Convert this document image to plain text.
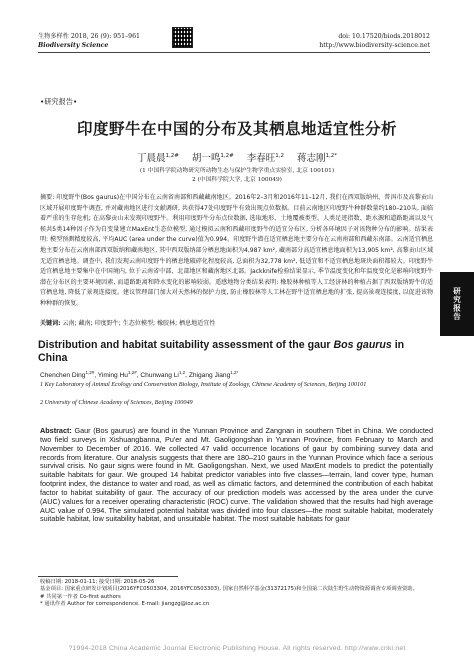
生物多样性 2018, 26 (9): 951–961
Biodiversity Science
doi: 10.17520/biods.2018012
http://www.biodiversity-science.net
•研究报告•
印度野牛在中国的分布及其栖息地适宜性分析
丁晨晨$^{1,2\#}$ 胡一鸣$^{1,2\#}$ 李春旺$^{1,2}$ 蒋志刚$^{1,2*}$
(1 中国科学院动物研究所动物生态与保护生物学重点实验室, 北京 100101)
2 (中国科学院大学, 北京 100049)
摘要: 印度野牛(Bos gaurus)在中国分布在云南省南部和西藏藏南地区。2016年2–3月和2016年11–12月, 我们在西双版纳州、普洱市及高黎贡山区域开展印度野牛调查, 并对藏南地区进行文献调研, 共获得47处印度野牛有效出现点位数据。目前云南地区印度野牛种群数量约180–210头, 面临着严重的生存危机; 在高黎贡山未发现印度野牛。利用印度野牛分布点位数据, 选取地形、土地覆被类型、人类足迹指数、距水源和道路距离以及气候共5类14种因子作为自变量建立MaxEnt生态位模型, 通过模拟云南和西藏印度野牛的适宜分布区, 分析各环境因子对该物种分布的影响。结果表明: 模型预测精度较高, 平均AUC (area under the curve)值为0.994。印度野牛潜在适宜栖息地主要分布在云南南部和西藏东南部。云南适宜栖息地主要分布在云南南部西双版纳和藏南地区, 其中西双版纳部分栖息地面积为4,987 km², 藏南部分高适宜栖息地面积为13,905 km², 高黎贡山区域无适宜栖息地。调查中, 我们发现云南印度野牛的栖息地破碎化程度较高, 总面积为32,778 km², 低适宜和不适宜栖息地斑块面积都较大。印度野牛适宜栖息地主要集中在中国境内, 位于云南省中部、北部地区和藏南地区北部。Jackknife检验结果显示, 季节温度变化和年温度变化是影响印度野牛潜在分布区的主要环境因素, 而道路距离和降水变化的影响较弱。遥感地物分类结果表明: 橡胶林种植等人工经济林的种植占据了西双版纳野牛的适宜栖息地, 降低了景观连接度。建议管理部门加大对天然林的保护力度, 防止橡胶林等人工林在野牛适宜栖息地的扩张, 提高景观连接度, 以促进该物种种群的恢复。
关键词: 云南; 藏南; 印度野牛; 生态位模型; 橡胶林; 栖息地适宜性
Distribution and habitat suitability assessment of the gaur Bos gaurus in China
Chenchen Ding$^{1,2\#}$, Yiming $Hu^{1,2\#}$, Chunwang Li$^{1,2}$, Zhigang Jiang$^{1,2*}$
1 Key Laboratory of Animal Ecology and Conservation Biology, Institute of Zoology, Chinese Academy of Sciences, Beijing 100101
2 University of Chinese Academy of Sciences, Beijing 100049
Abstract: Gaur (Bos gaurus) are found in the Yunnan Province and Zangnan in southern Tibet in China. We conducted two field surveys in Xishuangbanna, Pu'er and Mt. Gaoligongshan in Yunnan Province, from February to March and November to December of 2016. We collected 47 valid occurrence locations of gaur by combining survey data and records from literature. Our analysis suggests that there are 180–210 gaurs in the Yunnan Province which face a serious survival crisis. No gaur signs were found in Mt. Gaoligongshan. Next, we used MaxEnt models to predict the potentially suitable habitats for gaur. We grouped 14 habitat predictor variables into five classes—terrain, land cover type, human footprint index, the distance to water and road, as well as climatic factors, and determined the contribution of each habitat factor to habitat suitability of gaur. The accuracy of our prediction models was accessed by the area under the curve (AUC) values for a receiver operating characteristic (ROC) curve. The validation showed that the results had high average AUC value of 0.994. The simulated potential habitat was divided into four classes—the most suitable habitat, moderately suitable habitat, low suitability habitat, and unsuitable habitat. The most suitable habitats for gaur
收稿日期: 2018-01-11; 接受日期: 2018-05-26
基金项目: 国家重点研发计划项目(2016YFC0503304, 2016YFC0503303), 国家自然科学基金(31372175)和全国第二次陆生野生动物资源调查专项调查资助。
# 共同第一作者 Co-first authors
* 通讯作者 Author for correspondence. E-mail: jiangzg@ioz.ac.cn
研究报告
?1994-2018 China Academic Journal Electronic Publishing House. All rights reserved. http://www.cnki.net
